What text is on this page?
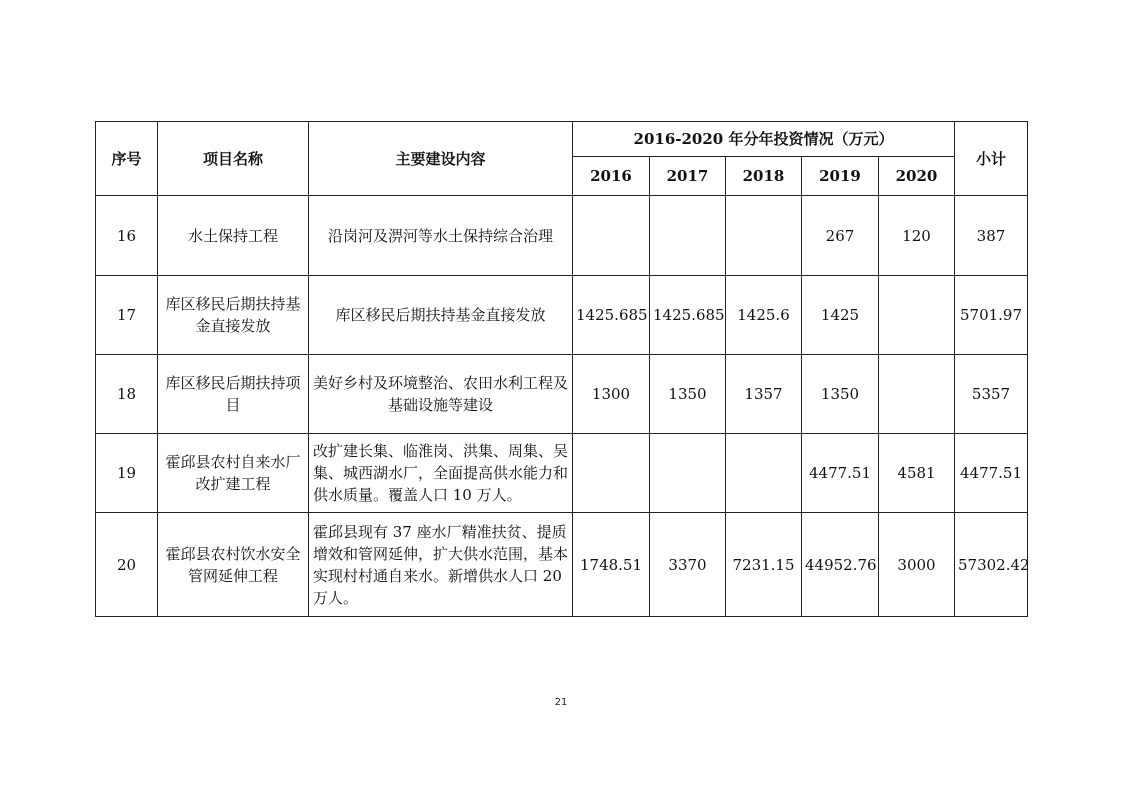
序号	项目名称	主要建设内容	2016-2020 年分年投资情况（万元）					小计
			2016	2017	2018	2019	2020	
16	水土保持工程	沿岗河及淠河等水土保持综合治理				267	120	387
17	库区移民后期扶持基金直接发放	库区移民后期扶持基金直接发放	1425.685	1425.685	1425.6	1425		5701.97
18	库区移民后期扶持项目	美好乡村及环境整治、农田水利工程及基础设施等建设	1300	1350	1357	1350		5357
19	霍邱县农村自来水厂改扩建工程	改扩建长集、临淮岗、洪集、周集、吴集、城西湖水厂，全面提高供水能力和供水质量。覆盖人口 10 万人。				4477.51	4581	4477.51
20	霍邱县农村饮水安全管网延伸工程	霍邱县现有 37 座水厂精准扶贫、提质增效和管网延伸，扩大供水范围，基本实现村村通自来水。新增供水人口 20 万人。	1748.51	3370	7231.15	44952.76	3000	57302.42
21
